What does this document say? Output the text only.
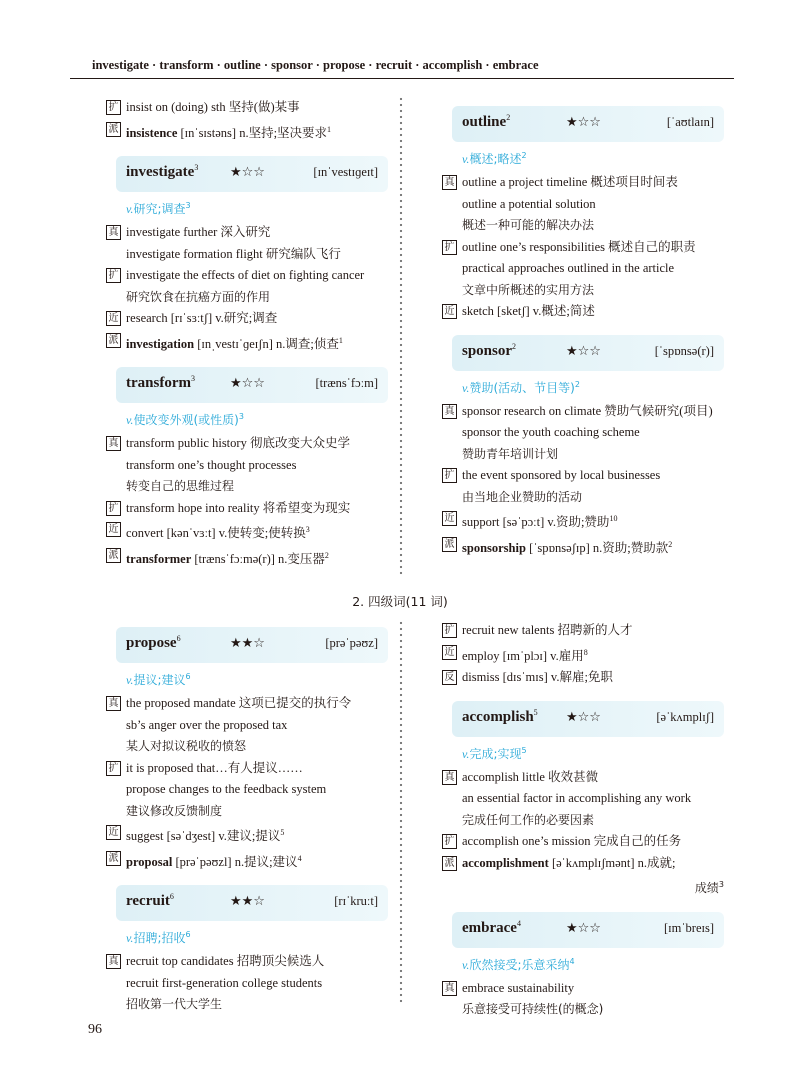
investigate · transform · outline · sponsor · propose · recruit · accomplish · embrace
2. 四级词(11 词)
96
扩 insist on (doing) sth 坚持(做)某事
派 insistence [ɪnˈsɪstəns] n.坚持;坚决要求$^1$
investigate$^3$ ★☆☆	[ɪnˈvestɪɡeɪt]
v.研究;调查$^3$
真 investigate further 深入研究
investigate formation flight 研究编队飞行
扩 investigate the effects of diet on fighting cancer
研究饮食在抗癌方面的作用
近 research [rɪˈsɜːtʃ] v.研究;调查
派 investigation [ɪnˌvestɪˈɡeɪʃn] n.调查;侦查$^1$
transform$^3$	★☆☆	[trænsˈfɔːm]
v.使改变外观(或性质)$^3$
真 transform public history 彻底改变大众史学
transform one’s thought processes
转变自己的思维过程
扩 transform hope into reality 将希望变为现实
近 convert [kənˈvɜːt] v.使转变;使转换$^3$
派 transformer [trænsˈfɔːmə(r)] n.变压器$^2$
outline$^2$	★☆☆	[ˈaʊtlaɪn]
v.概述;略述$^2$
真 outline a project timeline 概述项目时间表
outline a potential solution
概述一种可能的解决办法
扩 outline one’s responsibilities 概述自己的职责
practical approaches outlined in the article
文章中所概述的实用方法
近 sketch [sketʃ] v.概述;简述
sponsor$^2$	★☆☆	[ˈspɒnsə(r)]
v.赞助(活动、节目等)$^2$
真 sponsor research on climate 赞助气候研究(项目)
sponsor the youth coaching scheme
赞助青年培训计划
扩 the event sponsored by local businesses
由当地企业赞助的活动
近 support [səˈpɔːt] v.资助;赞助$^{10}$
派 sponsorship [ˈspɒnsəʃɪp] n.资助;赞助款$^2$
propose$^6$	★★☆	[prəˈpəʊz]
v.提议;建议$^6$
真 the proposed mandate 这项已提交的执行令
sb’s anger over the proposed tax
某人对拟议税收的愤怒
扩 it is proposed that…有人提议……
propose changes to the feedback system
建议修改反馈制度
近 suggest [səˈdʒest] v.建议;提议$^5$
派 proposal [prəˈpəʊzl] n.提议;建议$^4$
recruit$^6$	★★☆	[rɪˈkruːt]
v.招聘;招收$^6$
真 recruit top candidates 招聘顶尖候选人
recruit first-generation college students
招收第一代大学生
扩 recruit new talents 招聘新的人才
近 employ [ɪmˈplɔɪ] v.雇用$^8$
反 dismiss [dɪsˈmɪs] v.解雇;免职
accomplish$^5$ ★☆☆	[əˈkʌmplɪʃ]
v.完成;实现$^5$
真 accomplish little 收效甚微
an essential factor in accomplishing any work
完成任何工作的必要因素
扩 accomplish one’s mission 完成自己的任务
派 accomplishment [əˈkʌmplɪʃmənt] n.成就;
成绩$^3$
embrace$^4$	★☆☆	[ɪmˈbreɪs]
v.欣然接受;乐意采纳$^4$
真 embrace sustainability
乐意接受可持续性(的概念)
